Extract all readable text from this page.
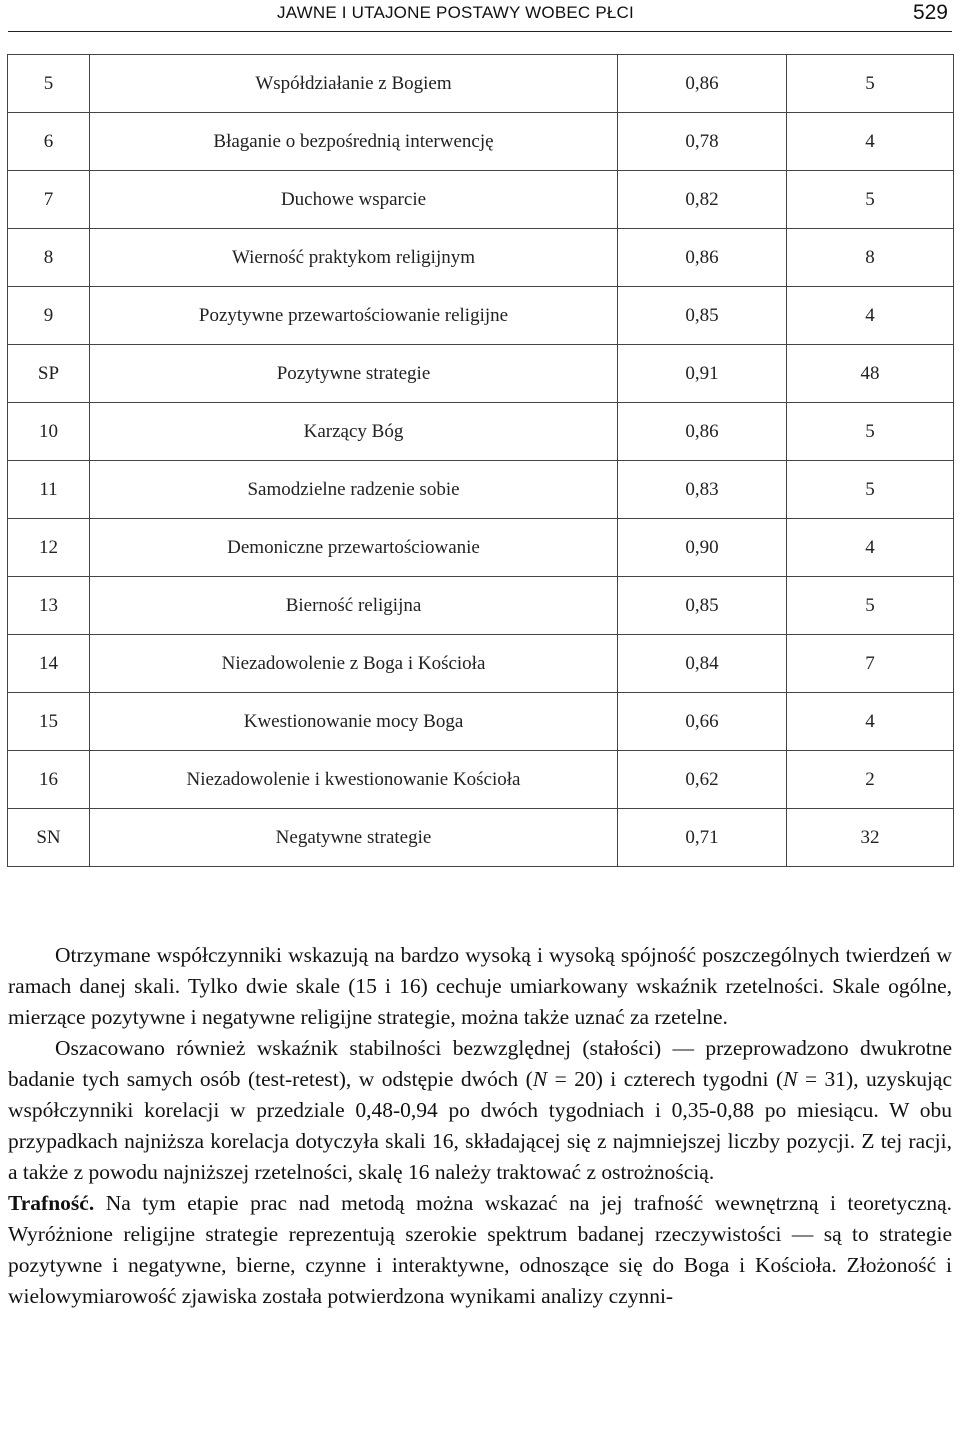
JAWNE I UTAJONE POSTAWY WOBEC PŁCI	529
5	Współdziałanie z Bogiem	0,86	5
6	Błaganie o bezpośrednią interwencję	0,78	4
7	Duchowe wsparcie	0,82	5
8	Wierność praktykom religijnym	0,86	8
9	Pozytywne przewartościowanie religijne	0,85	4
SP	Pozytywne strategie	0,91	48
10	Karzący Bóg	0,86	5
11	Samodzielne radzenie sobie	0,83	5
12	Demoniczne przewartościowanie	0,90	4
13	Bierność religijna	0,85	5
14	Niezadowolenie z Boga i Kościoła	0,84	7
15	Kwestionowanie mocy Boga	0,66	4
16	Niezadowolenie i kwestionowanie Kościoła	0,62	2
SN	Negatywne strategie	0,71	32

Otrzymane współczynniki wskazują na bardzo wysoką i wysoką spójność poszczególnych twierdzeń w ramach danej skali. Tylko dwie skale (15 i 16) cechuje umiarkowany wskaźnik rzetelności. Skale ogólne, mierzące pozytywne i negatywne religijne strategie, można także uznać za rzetelne.

Oszacowano również wskaźnik stabilności bezwzględnej (stałości) — przeprowadzono dwukrotne badanie tych samych osób (test-retest), w odstępie dwóch (N = 20) i czterech tygodni (N = 31), uzyskując współczynniki korelacji w przedziale 0,48-0,94 po dwóch tygodniach i 0,35-0,88 po miesiącu. W obu przypadkach najniższa korelacja dotyczyła skali 16, składającej się z najmniejszej liczby pozycji. Z tej racji, a także z powodu najniższej rzetelności, skalę 16 należy traktować z ostrożnością.

Trafność. Na tym etapie prac nad metodą można wskazać na jej trafność wewnętrzną i teoretyczną. Wyróżnione religijne strategie reprezentują szerokie spektrum badanej rzeczywistości — są to strategie pozytywne i negatywne, bierne, czynne i interaktywne, odnoszące się do Boga i Kościoła. Złożoność i wielowymiarowość zjawiska została potwierdzona wynikami analizy czynni-
